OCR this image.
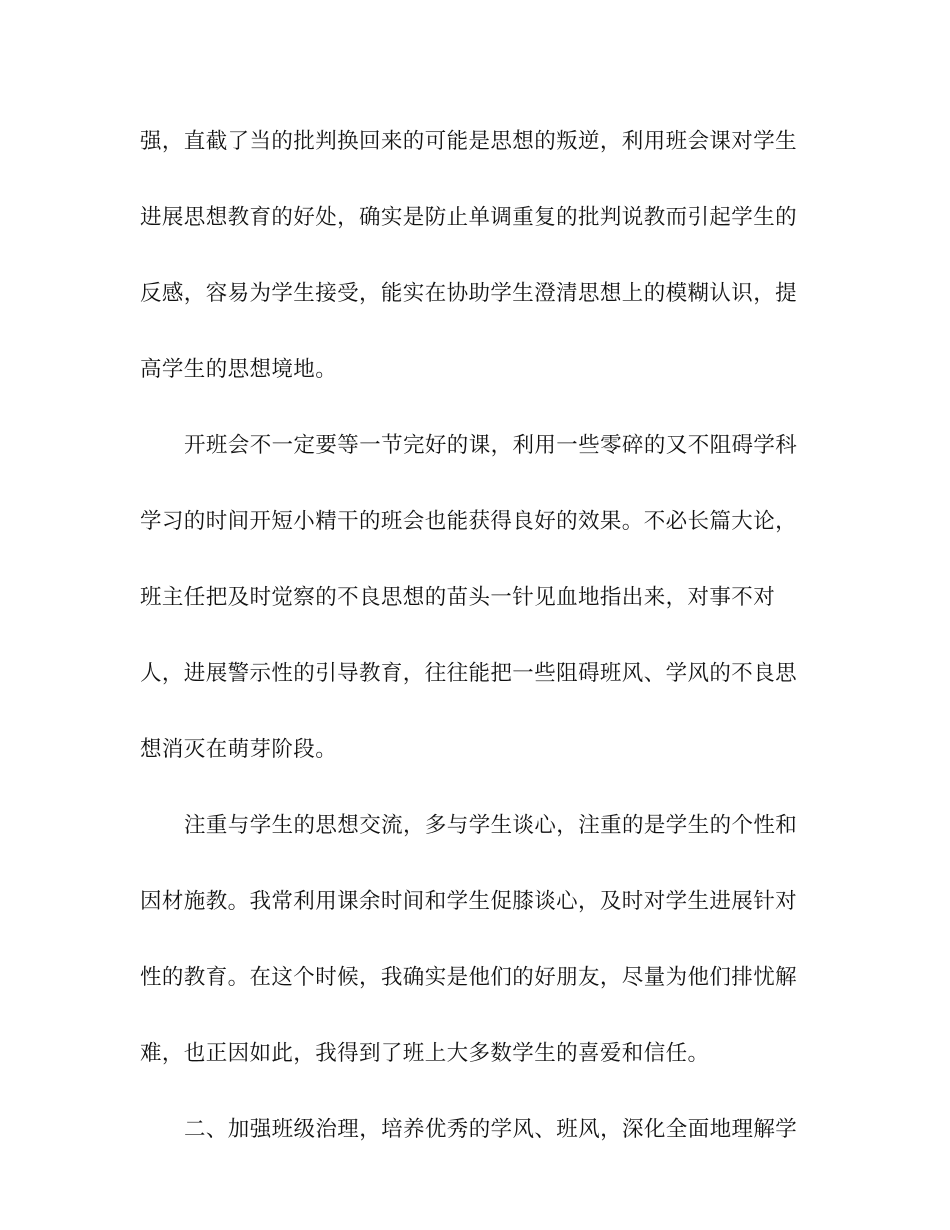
强，直截了当的批判换回来的可能是思想的叛逆，利用班会课对学生
进展思想教育的好处，确实是防止单调重复的批判说教而引起学生的
反感，容易为学生接受，能实在协助学生澄清思想上的模糊认识，提
高学生的思想境地。
开班会不一定要等一节完好的课，利用一些零碎的又不阻碍学科
学习的时间开短小精干的班会也能获得良好的效果。不必长篇大论，
班主任把及时觉察的不良思想的苗头一针见血地指出来，对事不对
人，进展警示性的引导教育，往往能把一些阻碍班风、学风的不良思
想消灭在萌芽阶段。
注重与学生的思想交流，多与学生谈心，注重的是学生的个性和
因材施教。我常利用课余时间和学生促膝谈心，及时对学生进展针对
性的教育。在这个时候，我确实是他们的好朋友，尽量为他们排忧解
难，也正因如此，我得到了班上大多数学生的喜爱和信任。
二、加强班级治理，培养优秀的学风、班风，深化全面地理解学
